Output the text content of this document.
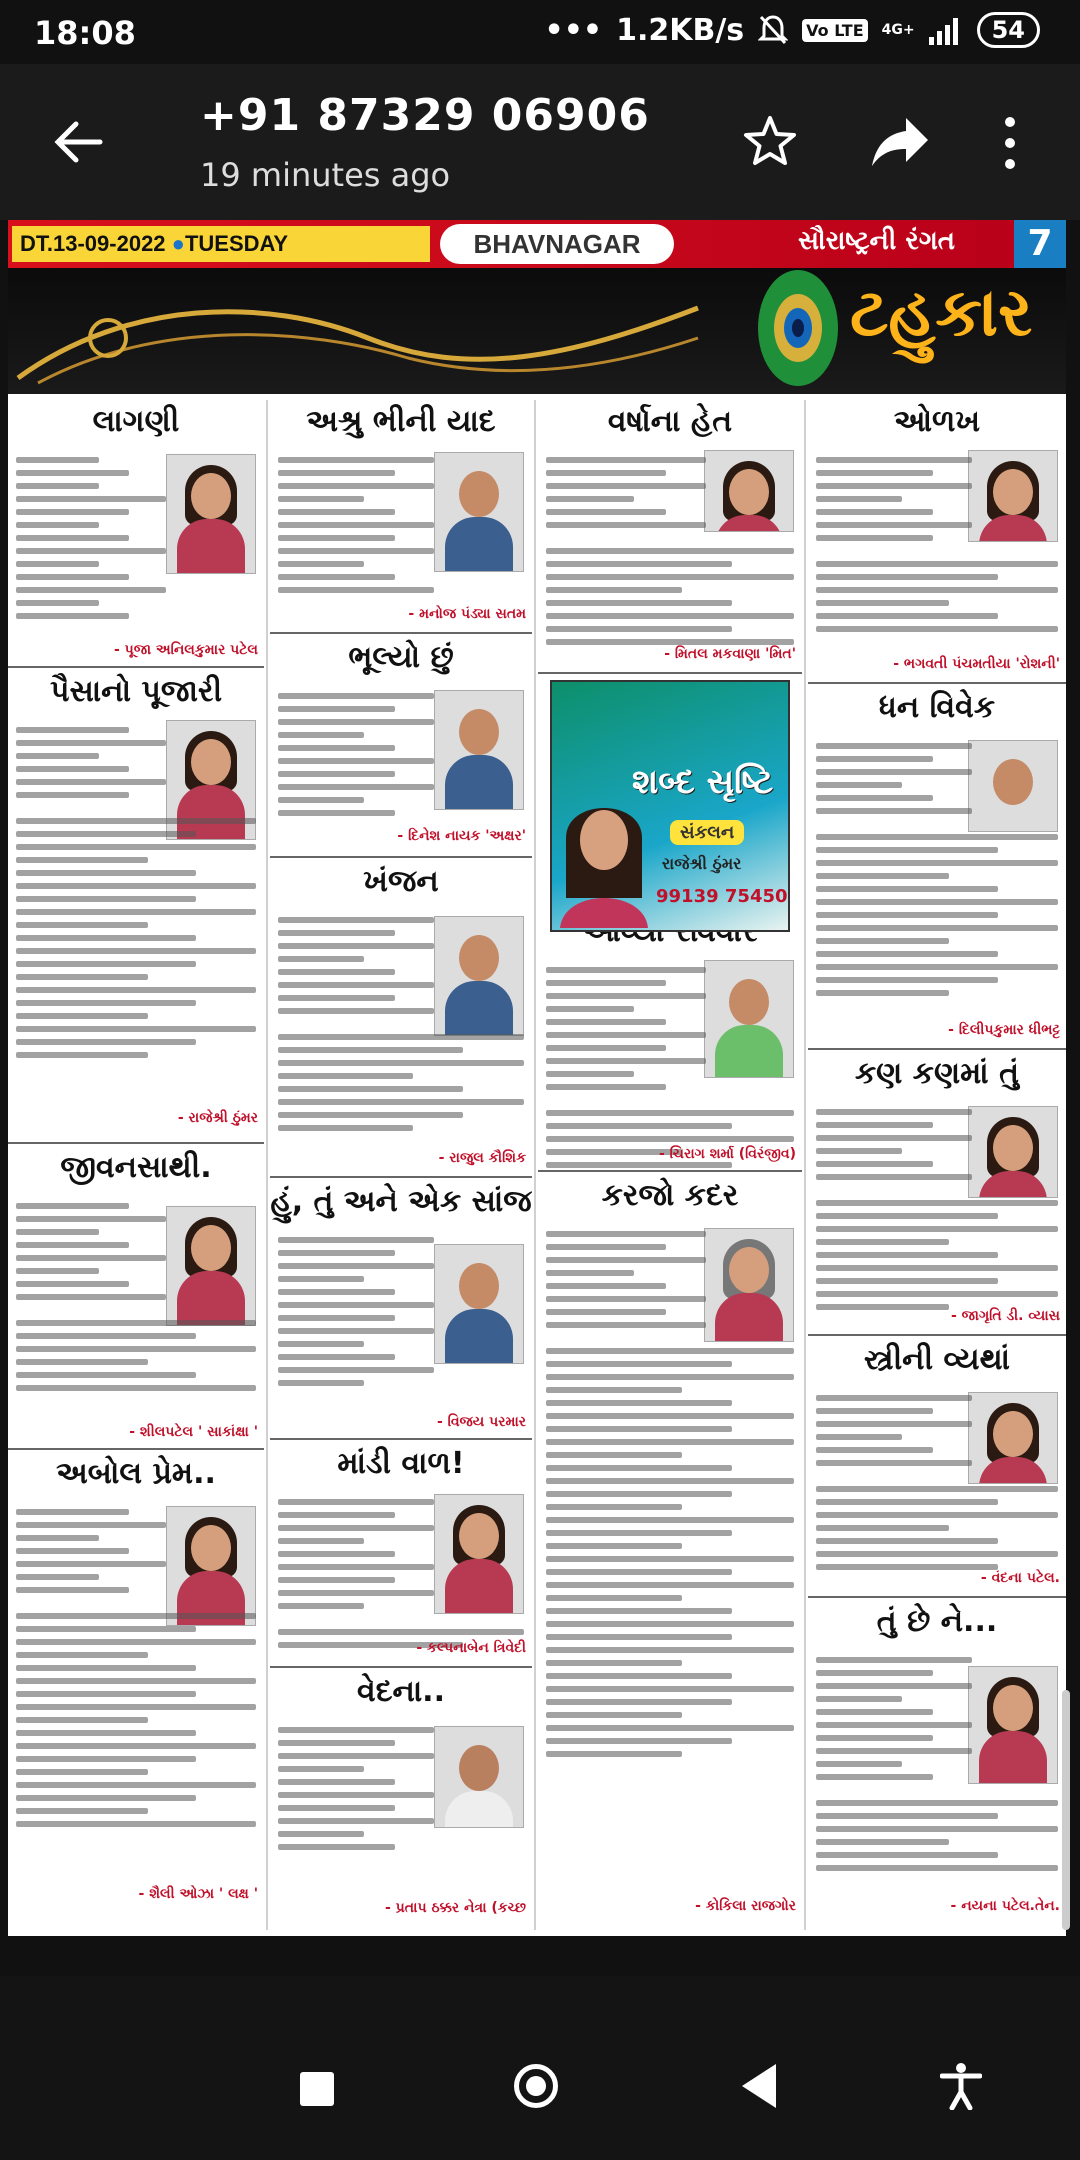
18:08	••• 1.2KB/s	Vo LTE 4G+	54
+91 87329 06906
19 minutes ago
DT.13-09-2022 ●TUESDAY	BHAVNAGAR	સૌરાષ્ટ્રની રંગત	7
ટહુકાર
લાગણી
- પૂજા અનિલકુમાર પટેલ
પૈસાનો પૂજારી
- રાજેશ્રી ઠુંમર
જીવનસાથી.
- શીલપટેલ ' સાકાંક્ષા '
અબોલ પ્રેમ..
- શૈલી ઓઝા ' લક્ષ '
અશ્રુ ભીની યાદ
- મનોજ પંડ્યા સતમ
ભૂલ્યો છું
- દિનેશ નાયક 'અક્ષર'
ખંજન
- રાજુલ કૌશિક
હું, તું અને એક સાંજ
- વિજય પરમાર
માંડી વાળ!
- કલ્પનાબેન ત્રિવેદી
વેદના..
- પ્રતાપ ઠક્કર નેત્રા (કચ્છ
વર્ષાના હેત
- મિતલ મકવાણા 'મિત'
- ચિરાગ શર્મા (વિરંજીવ)
કરજો કદર
- કોકિલા રાજગોર
શબ્દ સૃષ્ટિ
સંકલન
રાજેશ્રી ઠુંમર
99139 75450
ઓળખ
- ભગવતી પંચમતીયા 'રોશની'
ધન વિવેક
- દિલીપકુમાર ધીભટ્ટ
કણ કણમાં તું
- જાગૃતિ ડી. વ્યાસ
સ્ત્રીની વ્યથાં
- વંદના પટેલ.
તું છે ને...
- નયના પટેલ.તેન.
